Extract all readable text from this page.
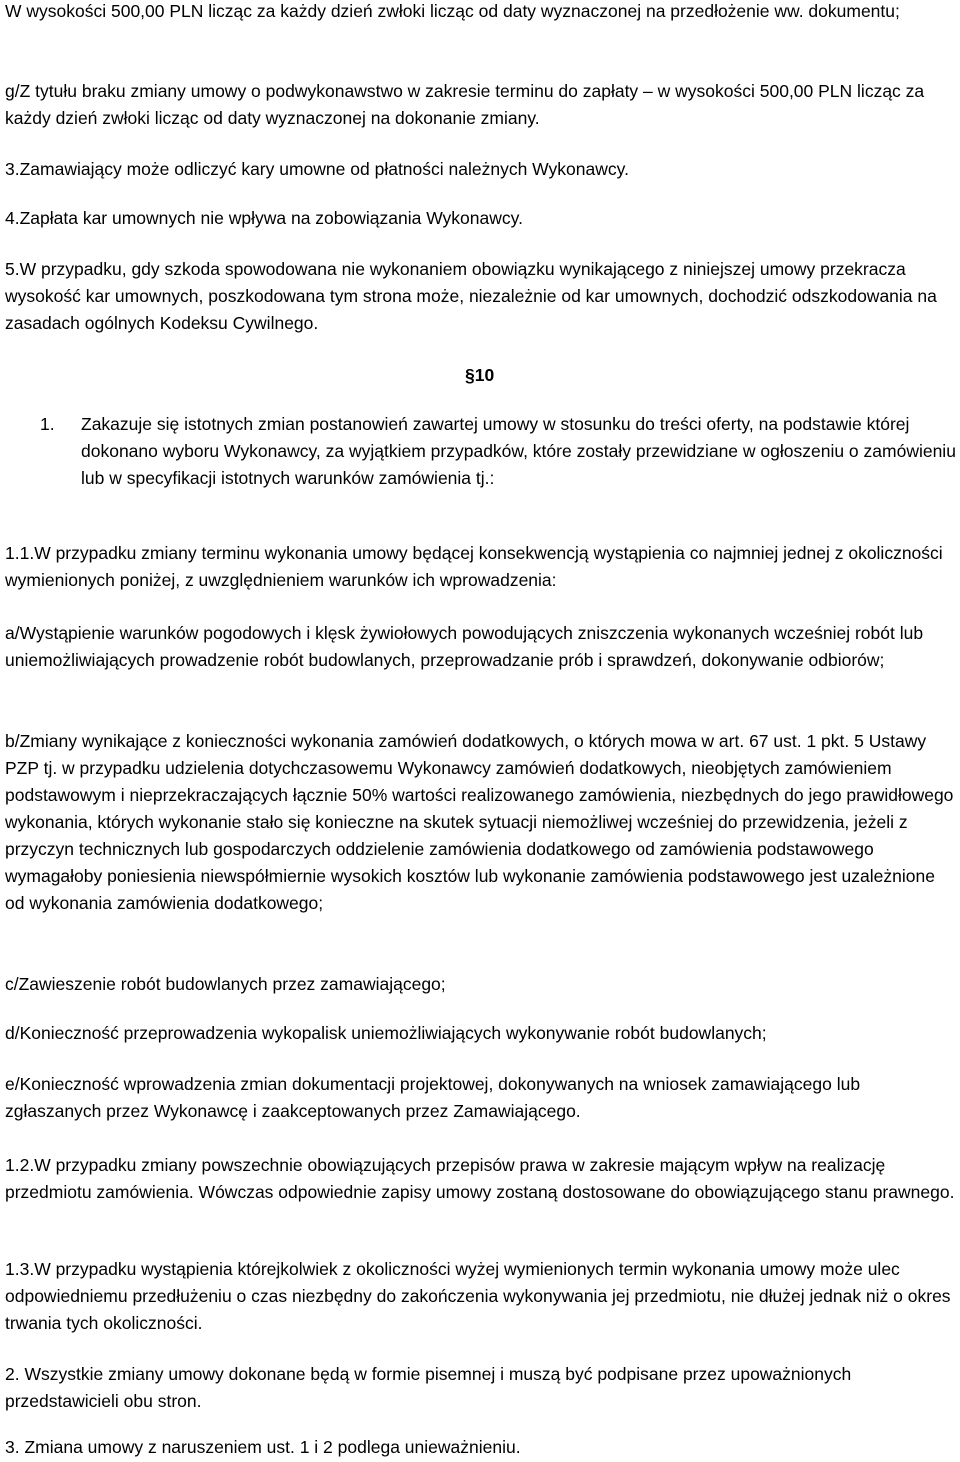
W wysokości 500,00 PLN licząc za każdy dzień zwłoki licząc od daty wyznaczonej na przedłożenie ww. dokumentu;

g/Z tytułu braku zmiany umowy o podwykonawstwo w zakresie terminu do zapłaty – w wysokości 500,00 PLN licząc za każdy dzień zwłoki licząc od daty wyznaczonej na dokonanie zmiany.

3.Zamawiający może odliczyć kary umowne od płatności należnych Wykonawcy.

4.Zapłata kar umownych nie wpływa na zobowiązania Wykonawcy.

5.W przypadku, gdy szkoda spowodowana nie wykonaniem obowiązku wynikającego z niniejszej umowy przekracza wysokość kar umownych, poszkodowana tym strona może, niezależnie od kar umownych, dochodzić odszkodowania na zasadach ogólnych Kodeksu Cywilnego.

§10

1. Zakazuje się istotnych zmian postanowień zawartej umowy w stosunku do treści oferty, na podstawie której dokonano wyboru Wykonawcy, za wyjątkiem przypadków, które zostały przewidziane w ogłoszeniu o zamówieniu lub w specyfikacji istotnych warunków zamówienia tj.:

1.1.W przypadku zmiany terminu wykonania umowy będącej konsekwencją wystąpienia co najmniej jednej z okoliczności wymienionych poniżej, z uwzględnieniem warunków ich wprowadzenia:

a/Wystąpienie warunków pogodowych i klęsk żywiołowych powodujących zniszczenia wykonanych wcześniej robót lub uniemożliwiających prowadzenie robót budowlanych, przeprowadzanie prób i sprawdzeń, dokonywanie odbiorów;

b/Zmiany wynikające z konieczności wykonania zamówień dodatkowych, o których mowa w art. 67 ust. 1 pkt. 5 Ustawy PZP tj. w przypadku udzielenia dotychczasowemu Wykonawcy zamówień dodatkowych, nieobjętych zamówieniem podstawowym i nieprzekraczających łącznie 50% wartości realizowanego zamówienia, niezbędnych do jego prawidłowego wykonania, których wykonanie stało się konieczne na skutek sytuacji niemożliwej wcześniej do przewidzenia, jeżeli z przyczyn technicznych lub gospodarczych oddzielenie zamówienia dodatkowego od zamówienia podstawowego wymagałoby poniesienia niewspółmiernie wysokich kosztów lub wykonanie zamówienia podstawowego jest uzależnione od wykonania zamówienia dodatkowego;

c/Zawieszenie robót budowlanych przez zamawiającego;

d/Konieczność przeprowadzenia wykopalisk uniemożliwiających wykonywanie robót budowlanych;

e/Konieczność wprowadzenia zmian dokumentacji projektowej, dokonywanych na wniosek zamawiającego lub zgłaszanych przez Wykonawcę i zaakceptowanych przez Zamawiającego.

1.2.W przypadku zmiany powszechnie obowiązujących przepisów prawa w zakresie mającym wpływ na realizację przedmiotu zamówienia. Wówczas odpowiednie zapisy umowy zostaną dostosowane do obowiązującego stanu prawnego.

1.3.W przypadku wystąpienia którejkolwiek z okoliczności wyżej wymienionych termin wykonania umowy może ulec odpowiedniemu przedłużeniu o czas niezbędny do zakończenia wykonywania jej przedmiotu, nie dłużej jednak niż o okres trwania tych okoliczności.

2. Wszystkie zmiany umowy dokonane będą w formie pisemnej i muszą być podpisane przez upoważnionych przedstawicieli obu stron.

3. Zmiana umowy z naruszeniem ust. 1 i 2 podlega unieważnieniu.
